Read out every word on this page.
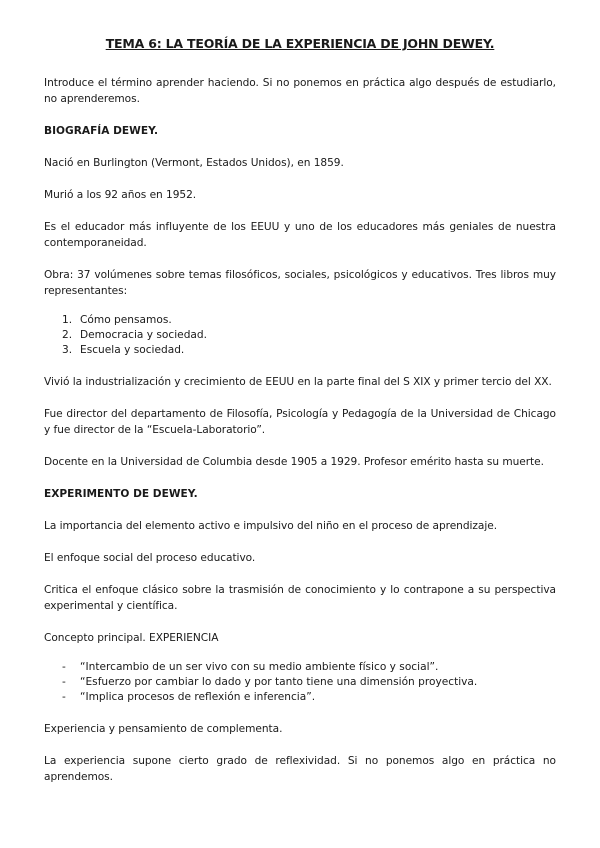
TEMA 6: LA TEORÍA DE LA EXPERIENCIA DE JOHN DEWEY.

Introduce el término aprender haciendo. Si no ponemos en práctica algo después de estudiarlo, no aprenderemos.

BIOGRAFÍA DEWEY.

Nació en Burlington (Vermont, Estados Unidos), en 1859.

Murió a los 92 años en 1952.

Es el educador más influyente de los EEUU y uno de los educadores más geniales de nuestra contemporaneidad.

Obra: 37 volúmenes sobre temas filosóficos, sociales, psicológicos y educativos. Tres libros muy representantes:

1. Cómo pensamos.
2. Democracia y sociedad.
3. Escuela y sociedad.

Vivió la industrialización y crecimiento de EEUU en la parte final del S XIX y primer tercio del XX.

Fue director del departamento de Filosofía, Psicología y Pedagogía de la Universidad de Chicago y fue director de la “Escuela-Laboratorio”.

Docente en la Universidad de Columbia desde 1905 a 1929. Profesor emérito hasta su muerte.

EXPERIMENTO DE DEWEY.

La importancia del elemento activo e impulsivo del niño en el proceso de aprendizaje.

El enfoque social del proceso educativo.

Critica el enfoque clásico sobre la trasmisión de conocimiento y lo contrapone a su perspectiva experimental y científica.

Concepto principal. EXPERIENCIA

- “Intercambio de un ser vivo con su medio ambiente físico y social”.
- “Esfuerzo por cambiar lo dado y por tanto tiene una dimensión proyectiva.
- “Implica procesos de reflexión e inferencia”.

Experiencia y pensamiento de complementa.

La experiencia supone cierto grado de reflexividad. Si no ponemos algo en práctica no aprendemos.
